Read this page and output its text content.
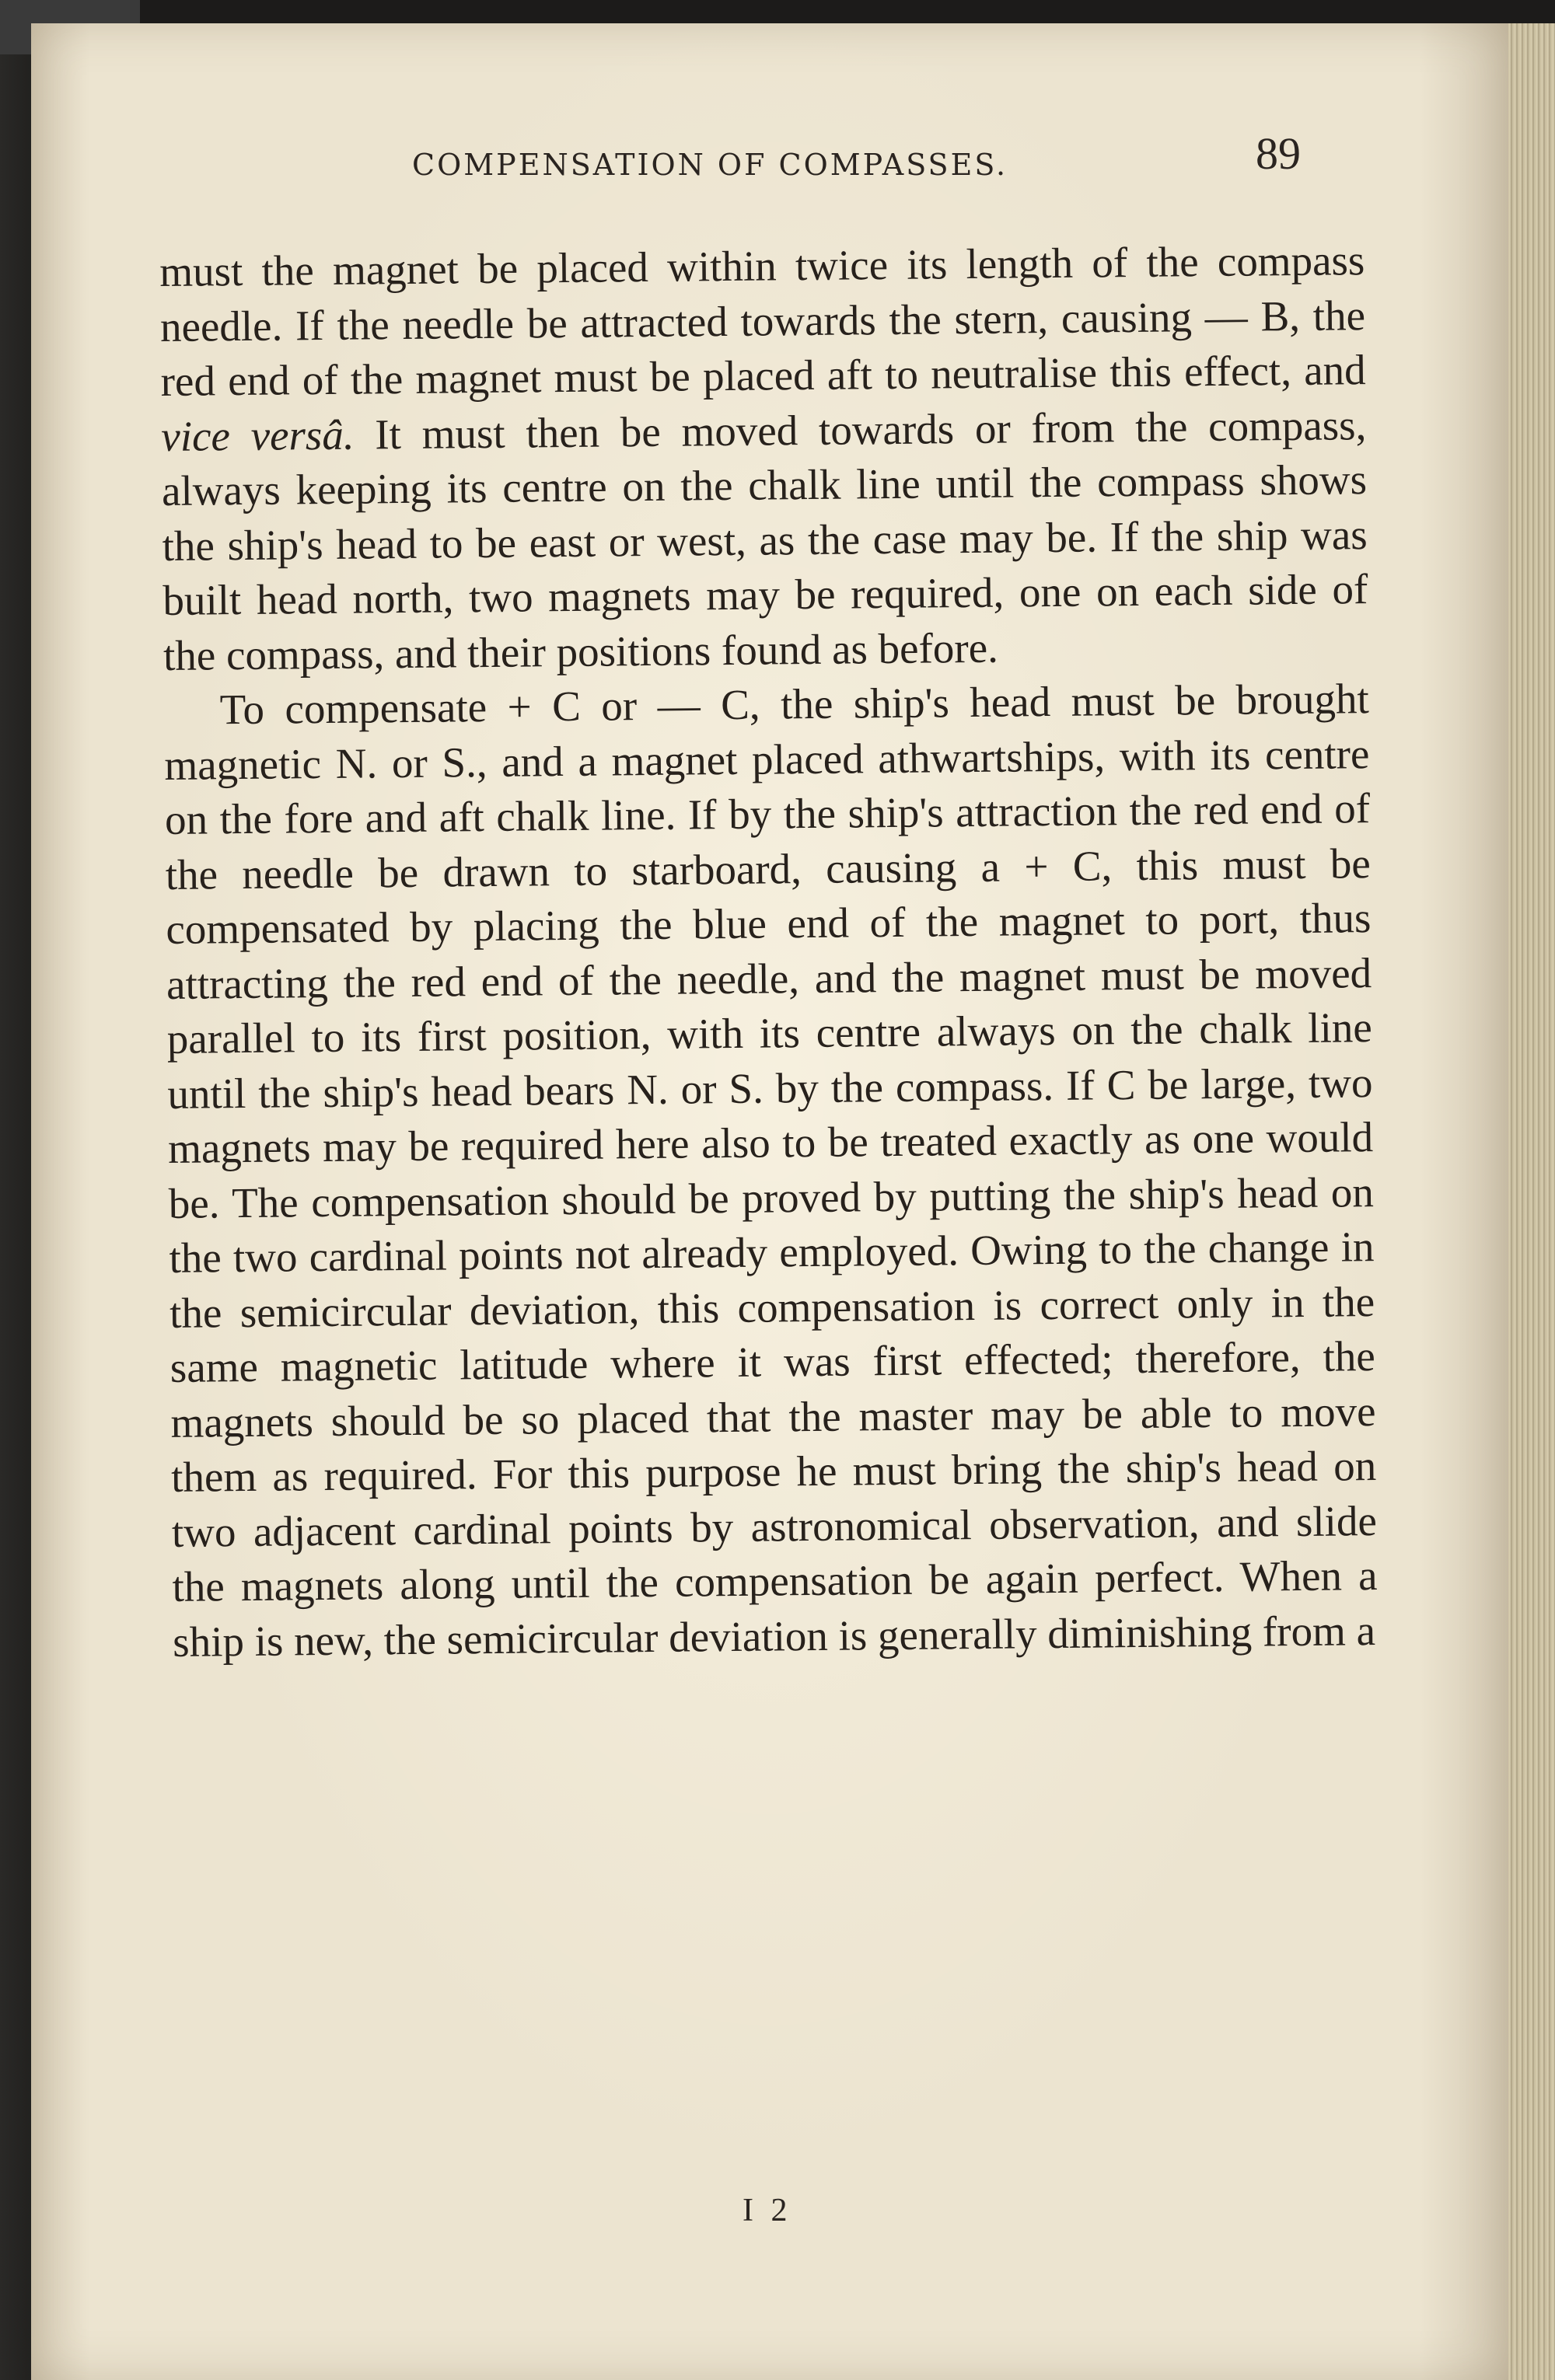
COMPENSATION OF COMPASSES.	89

must the magnet be placed within twice its length of the compass needle. If the needle be attracted towards the stern, causing — B, the red end of the magnet must be placed aft to neutralise this effect, and vice versâ. It must then be moved towards or from the compass, always keeping its centre on the chalk line until the compass shows the ship's head to be east or west, as the case may be. If the ship was built head north, two magnets may be required, one on each side of the compass, and their positions found as before.

To compensate + C or — C, the ship's head must be brought magnetic N. or S., and a magnet placed athwartships, with its centre on the fore and aft chalk line. If by the ship's attraction the red end of the needle be drawn to starboard, causing a + C, this must be compensated by placing the blue end of the magnet to port, thus attracting the red end of the needle, and the magnet must be moved parallel to its first position, with its centre always on the chalk line until the ship's head bears N. or S. by the compass. If C be large, two magnets may be required here also to be treated exactly as one would be. The compensation should be proved by putting the ship's head on the two cardinal points not already employed. Owing to the change in the semicircular deviation, this compensation is correct only in the same magnetic latitude where it was first effected; therefore, the magnets should be so placed that the master may be able to move them as required. For this purpose he must bring the ship's head on two adjacent cardinal points by astronomical observation, and slide the magnets along until the compensation be again perfect. When a ship is new, the semicircular deviation is generally diminishing from a

I 2
